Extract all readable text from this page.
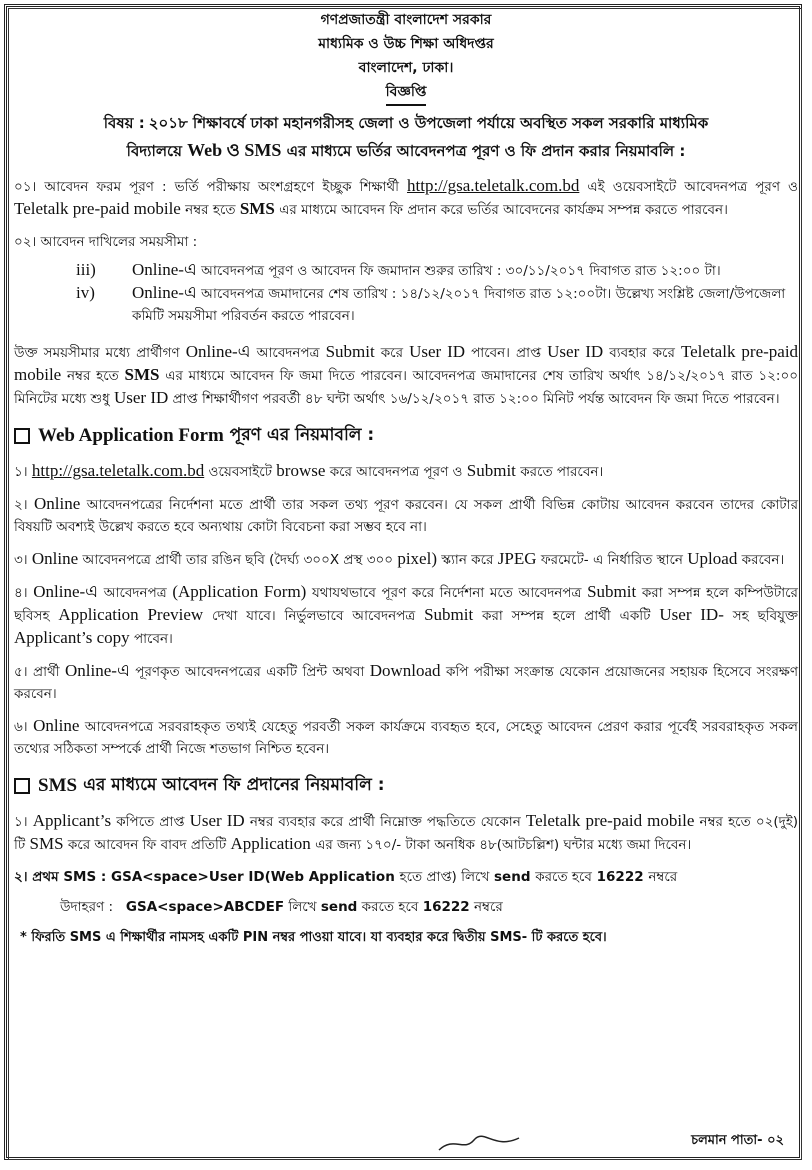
গণপ্রজাতন্ত্রী বাংলাদেশ সরকার
মাধ্যমিক ও উচ্চ শিক্ষা অধিদপ্তর
বাংলাদেশ, ঢাকা।
বিজ্ঞপ্তি
বিষয় : ২০১৮ শিক্ষাবর্ষে ঢাকা মহানগরীসহ জেলা ও উপজেলা পর্যায়ে অবস্থিত সকল সরকারি মাধ্যমিক
বিদ্যালয়ে Web ও SMS এর মাধ্যমে ভর্তির আবেদনপত্র পূরণ ও ফি প্রদান করার নিয়মাবলি :
০১। আবেদন ফরম পূরণ : ভর্তি পরীক্ষায় অংশগ্রহণে ইচ্ছুক শিক্ষার্থী http://gsa.teletalk.com.bd এই ওয়েবসাইটে আবেদনপত্র পূরণ ও Teletalk pre-paid mobile নম্বর হতে SMS এর মাধ্যমে আবেদন ফি প্রদান করে ভর্তির আবেদনের কার্যক্রম সম্পন্ন করতে পারবেন।
০২। আবেদন দাখিলের সময়সীমা :
iii)	Online-এ আবেদনপত্র পূরণ ও আবেদন ফি জমাদান শুরুর তারিখ : ৩০/১১/২০১৭ দিবাগত রাত ১২:০০ টা।
iv)	Online-এ আবেদনপত্র জমাদানের শেষ তারিখ : ১৪/১২/২০১৭ দিবাগত রাত ১২:০০টা। উল্লেখ্য সংশ্লিষ্ট জেলা/উপজেলা কমিটি সময়সীমা পরিবর্তন করতে পারবেন।
উক্ত সময়সীমার মধ্যে প্রার্থীগণ Online-এ আবেদনপত্র Submit করে User ID পাবেন। প্রাপ্ত User ID ব্যবহার করে Teletalk pre-paid mobile নম্বর হতে SMS এর মাধ্যমে আবেদন ফি জমা দিতে পারবেন। আবেদনপত্র জমাদানের শেষ তারিখ অর্থাৎ ১৪/১২/২০১৭ রাত ১২:০০ মিনিটের মধ্যে শুধু User ID প্রাপ্ত শিক্ষার্থীগণ পরবর্তী ৪৮ ঘন্টা অর্থাৎ ১৬/১২/২০১৭ রাত ১২:০০ মিনিট পর্যন্ত আবেদন ফি জমা দিতে পারবেন।
Web Application Form পূরণ এর নিয়মাবলি :
১। http://gsa.teletalk.com.bd ওয়েবসাইটে browse করে আবেদনপত্র পূরণ ও Submit করতে পারবেন।
২। Online আবেদনপত্রের নির্দেশনা মতে প্রার্থী তার সকল তথ্য পূরণ করবেন। যে সকল প্রার্থী বিভিন্ন কোটায় আবেদন করবেন তাদের কোটার বিষয়টি অবশ্যই উল্লেখ করতে হবে অন্যথায় কোটা বিবেচনা করা সম্ভব হবে না।
৩। Online আবেদনপত্রে প্রার্থী তার রঙিন ছবি (দৈর্ঘ্য ৩০০X প্রস্থ ৩০০ pixel) স্ক্যান করে JPEG ফরমেটে- এ নির্ধারিত স্থানে Upload করবেন।
৪। Online-এ আবেদনপত্র (Application Form) যথাযথভাবে পূরণ করে নির্দেশনা মতে আবেদনপত্র Submit করা সম্পন্ন হলে কম্পিউটারে ছবিসহ Application Preview দেখা যাবে। নির্ভুলভাবে আবেদনপত্র Submit করা সম্পন্ন হলে প্রার্থী একটি User ID- সহ ছবিযুক্ত Applicant’s copy পাবেন।
৫। প্রার্থী Online-এ পূরণকৃত আবেদনপত্রের একটি প্রিন্ট অথবা Download কপি পরীক্ষা সংক্রান্ত যেকোন প্রয়োজনের সহায়ক হিসেবে সংরক্ষণ করবেন।
৬। Online আবেদনপত্রে সরবরাহকৃত তথ্যই যেহেতু পরবর্তী সকল কার্যক্রমে ব্যবহৃত হবে, সেহেতু আবেদন প্রেরণ করার পূর্বেই সরবরাহকৃত সকল তথ্যের সঠিকতা সম্পর্কে প্রার্থী নিজে শতভাগ নিশ্চিত হবেন।
SMS এর মাধ্যমে আবেদন ফি প্রদানের নিয়মাবলি :
১। Applicant’s কপিতে প্রাপ্ত User ID নম্বর ব্যবহার করে প্রার্থী নিম্নোক্ত পদ্ধতিতে যেকোন Teletalk pre-paid mobile নম্বর হতে ০২(দুই) টি SMS করে আবেদন ফি বাবদ প্রতিটি Application এর জন্য ১৭০/- টাকা অনধিক ৪৮(আটচল্লিশ) ঘন্টার মধ্যে জমা দিবেন।
২। প্রথম SMS : GSA<space>User ID(Web Application হতে প্রাপ্ত) লিখে send করতে হবে 16222 নম্বরে
উদাহরণ : GSA<space>ABCDEF লিখে send করতে হবে 16222 নম্বরে
* ফিরতি SMS এ শিক্ষার্থীর নামসহ একটি PIN নম্বর পাওয়া যাবে। যা ব্যবহার করে দ্বিতীয় SMS- টি করতে হবে।
চলমান পাতা- ০২
